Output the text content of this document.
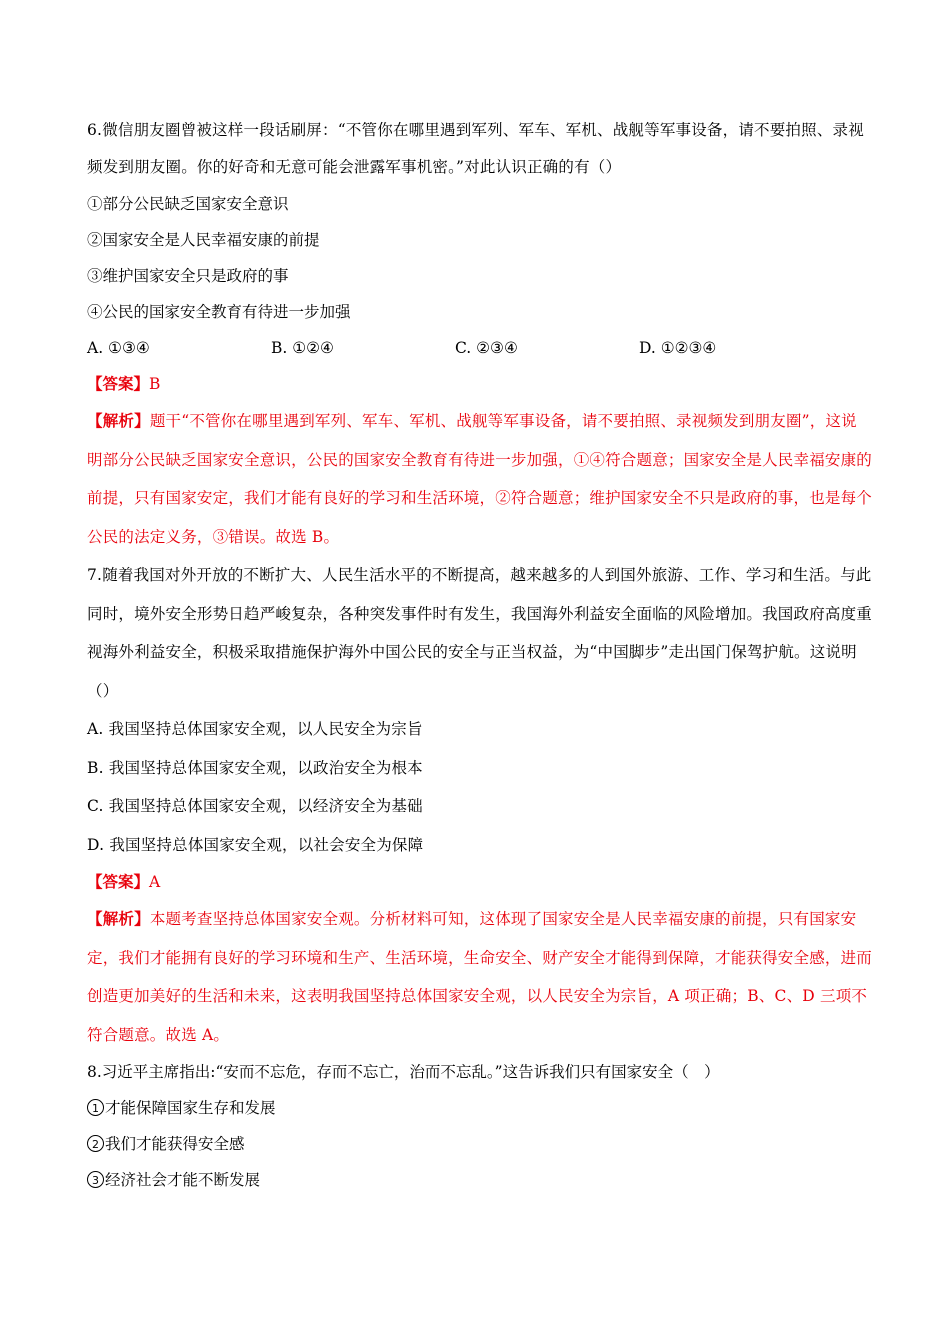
6.微信朋友圈曾被这样一段话刷屏：“不管你在哪里遇到军列、军车、军机、战舰等军事设备，请不要拍照、录视频发到朋友圈。你的好奇和无意可能会泄露军事机密。”对此认识正确的有（）
①部分公民缺乏国家安全意识
②国家安全是人民幸福安康的前提
③维护国家安全只是政府的事
④公民的国家安全教育有待进一步加强
A. ①③④	B. ①②④	C. ②③④	D. ①②③④
【答案】B
【解析】题干“不管你在哪里遇到军列、军车、军机、战舰等军事设备，请不要拍照、录视频发到朋友圈”，这说明部分公民缺乏国家安全意识，公民的国家安全教育有待进一步加强，①④符合题意；国家安全是人民幸福安康的前提，只有国家安定，我们才能有良好的学习和生活环境，②符合题意；维护国家安全不只是政府的事，也是每个公民的法定义务，③错误。故选 B。
7.随着我国对外开放的不断扩大、人民生活水平的不断提高，越来越多的人到国外旅游、工作、学习和生活。与此同时，境外安全形势日趋严峻复杂，各种突发事件时有发生，我国海外利益安全面临的风险增加。我国政府高度重视海外利益安全，积极采取措施保护海外中国公民的安全与正当权益，为“中国脚步”走出国门保驾护航。这说明（）
A. 我国坚持总体国家安全观，以人民安全为宗旨
B. 我国坚持总体国家安全观，以政治安全为根本
C. 我国坚持总体国家安全观，以经济安全为基础
D. 我国坚持总体国家安全观，以社会安全为保障
【答案】A
【解析】本题考查坚持总体国家安全观。分析材料可知，这体现了国家安全是人民幸福安康的前提，只有国家安定，我们才能拥有良好的学习环境和生产、生活环境，生命安全、财产安全才能得到保障，才能获得安全感，进而创造更加美好的生活和未来，这表明我国坚持总体国家安全观，以人民安全为宗旨，A 项正确；B、C、D 三项不符合题意。故选 A。
8.习近平主席指出:“安而不忘危，存而不忘亡，治而不忘乱。”这告诉我们只有国家安全（　）
1 才能保障国家生存和发展
2 我们才能获得安全感
3 经济社会才能不断发展
